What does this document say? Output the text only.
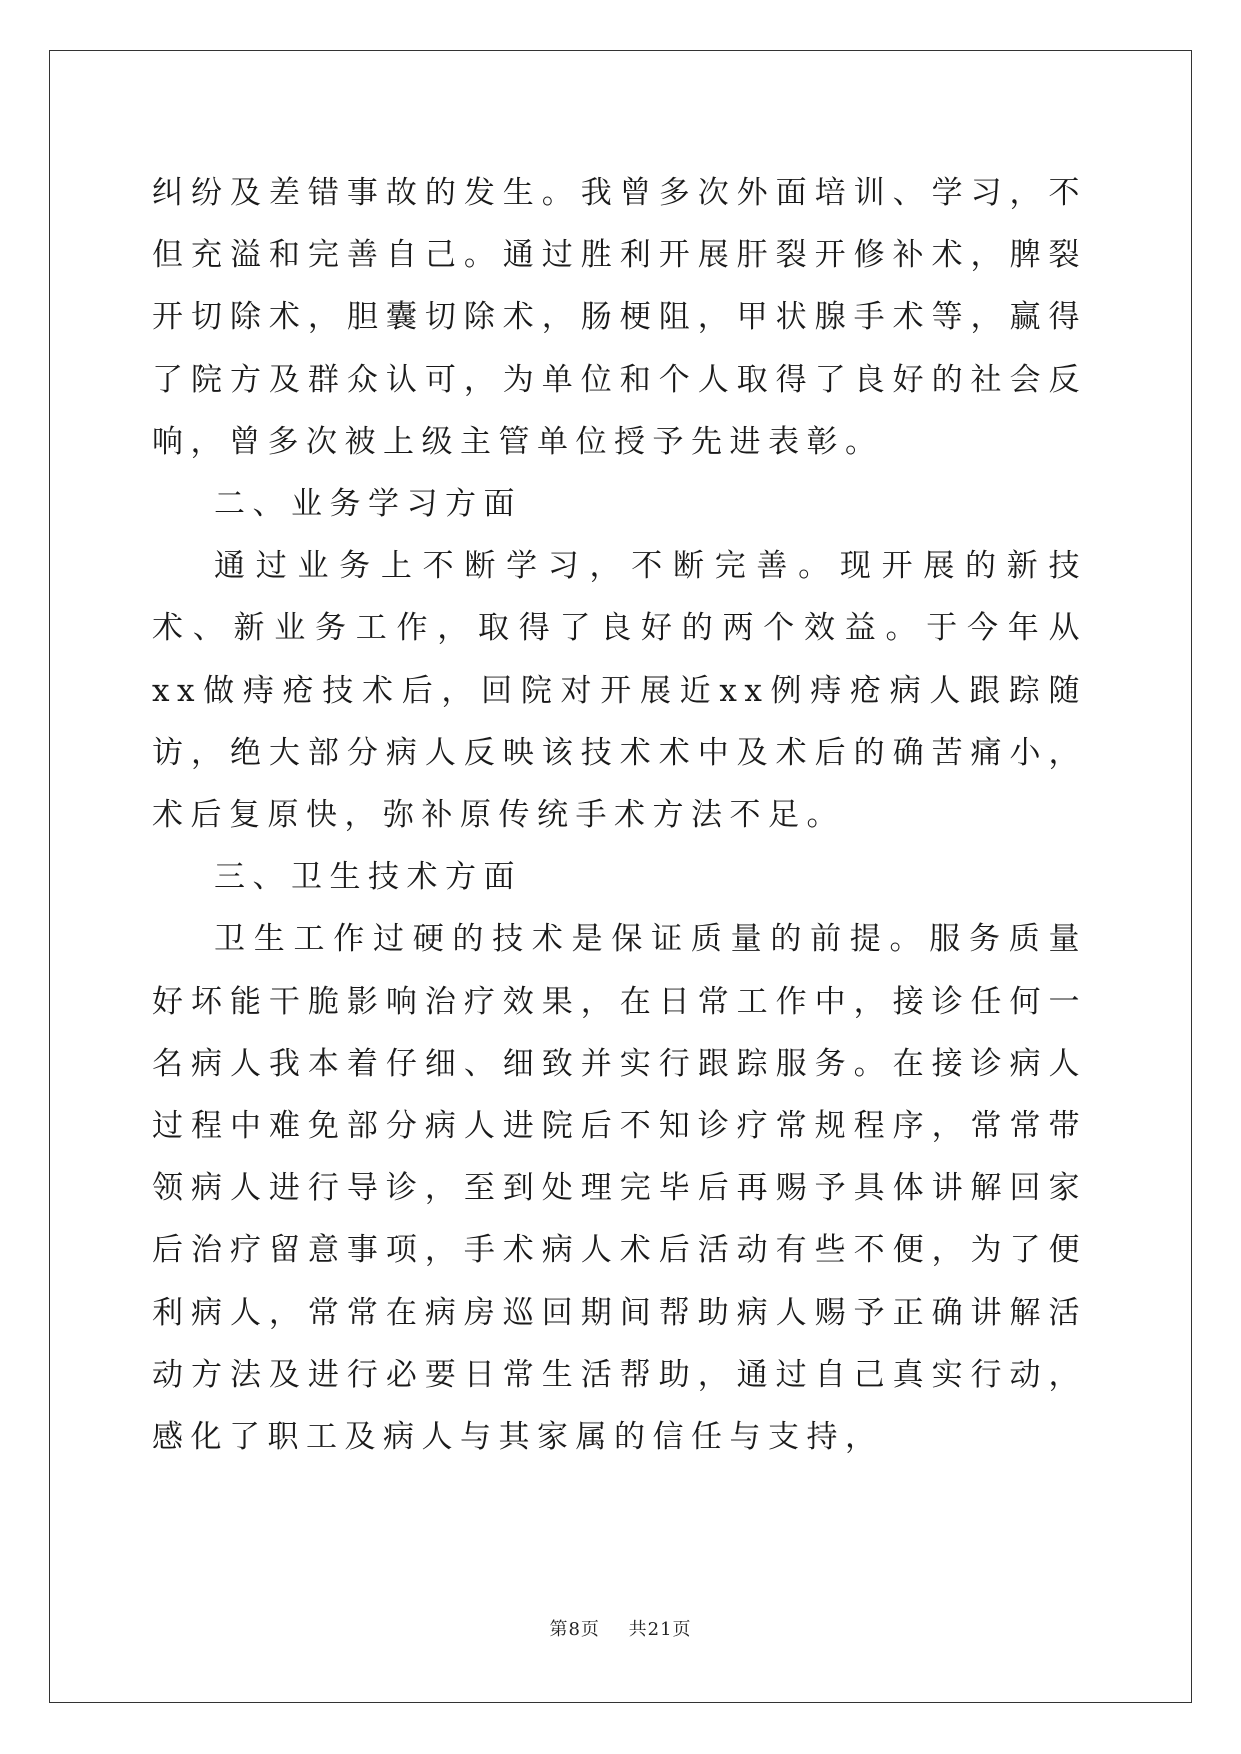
纠纷及差错事故的发生。我曾多次外面培训、学习，不但充溢和完善自己。通过胜利开展肝裂开修补术，脾裂开切除术，胆囊切除术，肠梗阻，甲状腺手术等，赢得了院方及群众认可，为单位和个人取得了良好的社会反响，曾多次被上级主管单位授予先进表彰。

二、业务学习方面

通过业务上不断学习，不断完善。现开展的新技术、新业务工作，取得了良好的两个效益。于今年从xx做痔疮技术后，回院对开展近xx例痔疮病人跟踪随访，绝大部分病人反映该技术术中及术后的确苦痛小，术后复原快，弥补原传统手术方法不足。

三、卫生技术方面

卫生工作过硬的技术是保证质量的前提。服务质量好坏能干脆影响治疗效果，在日常工作中，接诊任何一名病人我本着仔细、细致并实行跟踪服务。在接诊病人过程中难免部分病人进院后不知诊疗常规程序，常常带领病人进行导诊，至到处理完毕后再赐予具体讲解回家后治疗留意事项，手术病人术后活动有些不便，为了便利病人，常常在病房巡回期间帮助病人赐予正确讲解活动方法及进行必要日常生活帮助，通过自己真实行动，感化了职工及病人与其家属的信任与支持，

第8页 共21页
